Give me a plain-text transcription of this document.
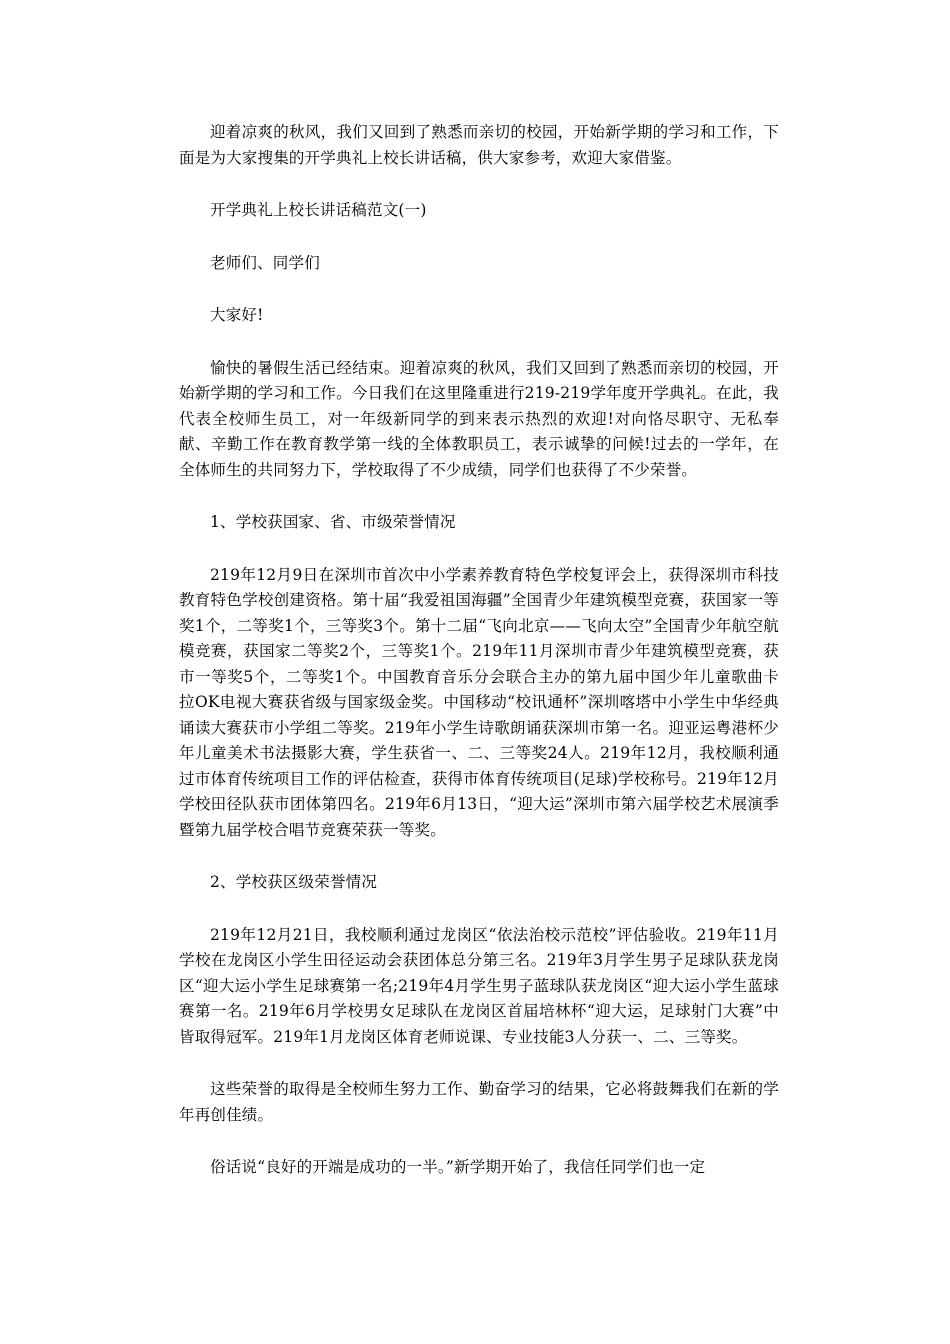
迎着凉爽的秋风，我们又回到了熟悉而亲切的校园，开始新学期的学习和工作，下面是为大家搜集的开学典礼上校长讲话稿，供大家参考，欢迎大家借鉴。

开学典礼上校长讲话稿范文(一)

老师们、同学们

大家好!

愉快的暑假生活已经结束。迎着凉爽的秋风，我们又回到了熟悉而亲切的校园，开始新学期的学习和工作。今日我们在这里隆重进行219-219学年度开学典礼。在此，我代表全校师生员工，对一年级新同学的到来表示热烈的欢迎!对向恪尽职守、无私奉献、辛勤工作在教育教学第一线的全体教职员工，表示诚挚的问候!过去的一学年，在全体师生的共同努力下，学校取得了不少成绩，同学们也获得了不少荣誉。

1、学校获国家、省、市级荣誉情况

219年12月9日在深圳市首次中小学素养教育特色学校复评会上，获得深圳市科技教育特色学校创建资格。第十届“我爱祖国海疆”全国青少年建筑模型竞赛，获国家一等奖1个，二等奖1个，三等奖3个。第十二届“飞向北京——飞向太空”全国青少年航空航模竞赛，获国家二等奖2个，三等奖1个。219年11月深圳市青少年建筑模型竞赛，获市一等奖5个，二等奖1个。中国教育音乐分会联合主办的第九届中国少年儿童歌曲卡拉OK电视大赛获省级与国家级金奖。中国移动“校讯通杯”深圳喀塔中小学生中华经典诵读大赛获市小学组二等奖。219年小学生诗歌朗诵获深圳市第一名。迎亚运粤港杯少年儿童美术书法摄影大赛，学生获省一、二、三等奖24人。219年12月，我校顺利通过市体育传统项目工作的评估检查，获得市体育传统项目(足球)学校称号。219年12月学校田径队获市团体第四名。219年6月13日，“迎大运”深圳市第六届学校艺术展演季暨第九届学校合唱节竞赛荣获一等奖。

2、学校获区级荣誉情况

219年12月21日，我校顺利通过龙岗区“依法治校示范校”评估验收。219年11月学校在龙岗区小学生田径运动会获团体总分第三名。219年3月学生男子足球队获龙岗区“迎大运小学生足球赛第一名;219年4月学生男子蓝球队获龙岗区“迎大运小学生蓝球赛第一名。219年6月学校男女足球队在龙岗区首届培林杯“迎大运，足球射门大赛”中皆取得冠军。219年1月龙岗区体育老师说课、专业技能3人分获一、二、三等奖。

这些荣誉的取得是全校师生努力工作、勤奋学习的结果，它必将鼓舞我们在新的学年再创佳绩。

俗话说“良好的开端是成功的一半。”新学期开始了，我信任同学们也一定
